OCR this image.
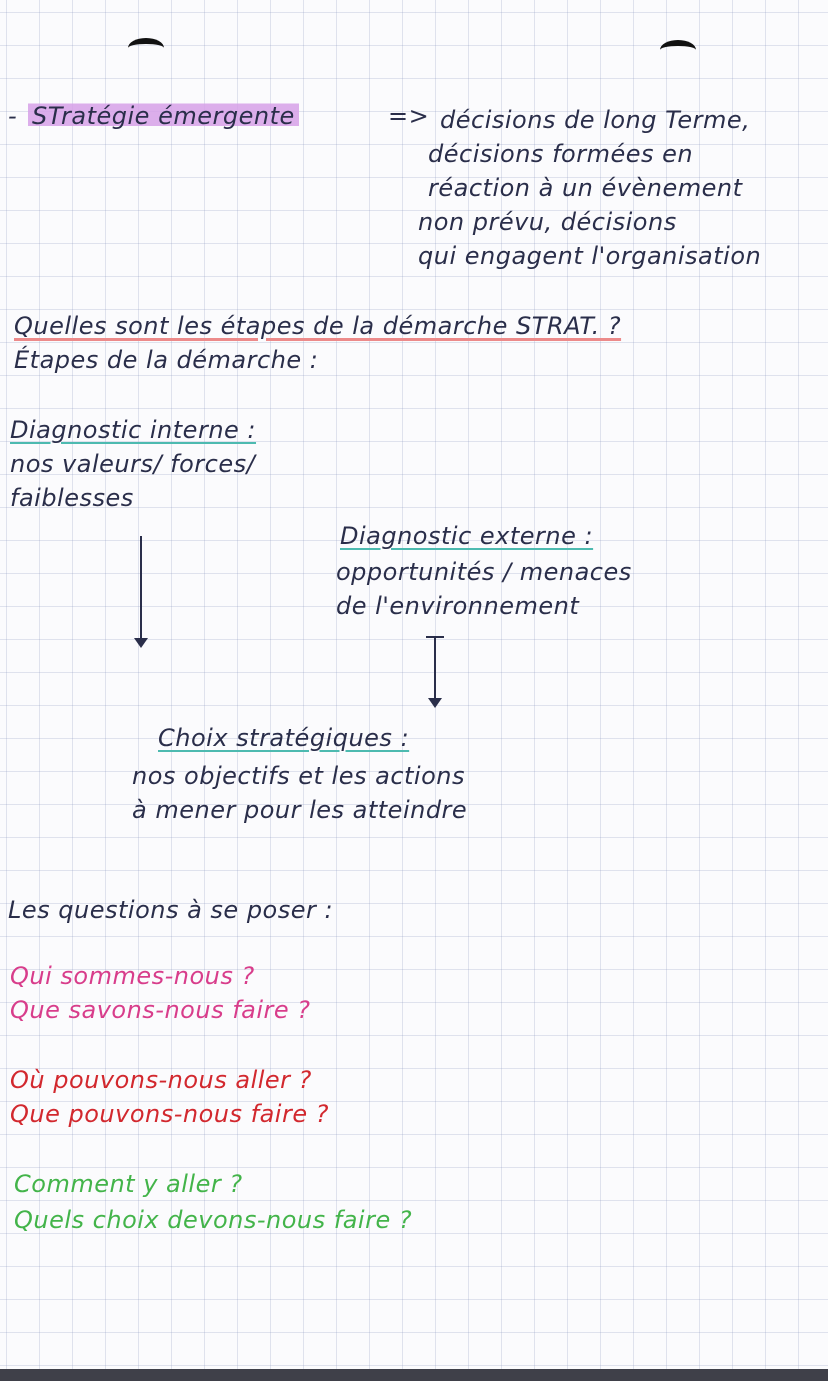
- STratégie émergente	=> décisions de long Terme,
décisions formées en
réaction à un évènement
non prévu, décisions
qui engagent l'organisation
Quelles sont les étapes de la démarche STRAT. ?
Étapes de la démarche :
Diagnostic interne :
nos valeurs/ forces/
faiblesses
Diagnostic externe :
opportunités / menaces
de l'environnement
Choix stratégiques :
nos objectifs et les actions
à mener pour les atteindre
Les questions à se poser :
Qui sommes-nous ?
Que savons-nous faire ?
Où pouvons-nous aller ?
Que pouvons-nous faire ?
Comment y aller ?
Quels choix devons-nous faire ?
